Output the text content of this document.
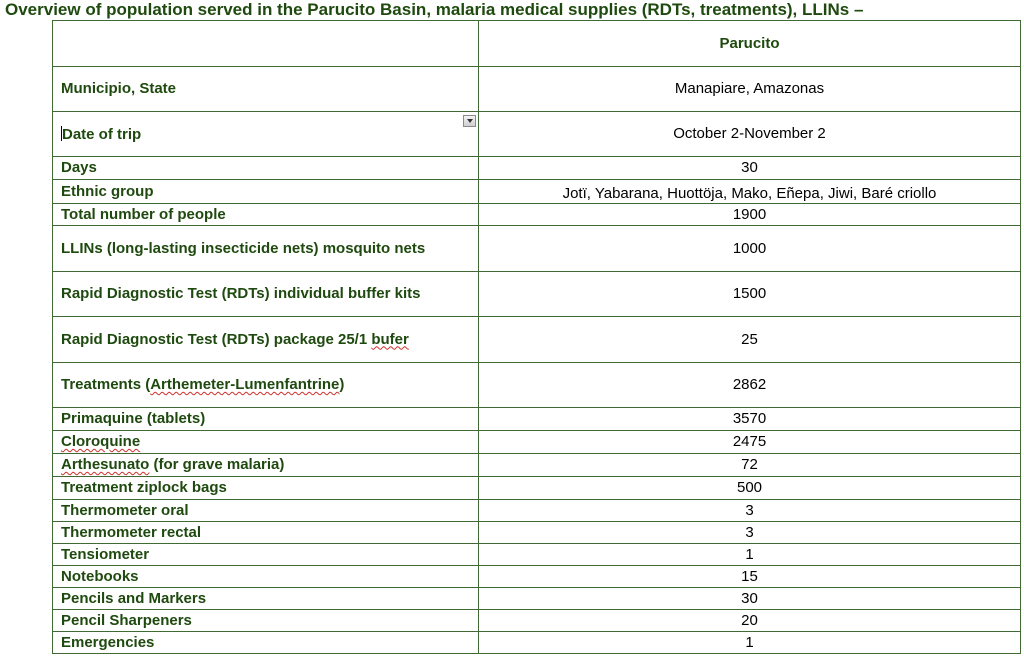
Overview of population served in the Parucito Basin, malaria medical supplies (RDTs, treatments), LLINs –
	Parucito
Municipio, State	Manapiare, Amazonas
Date of trip	October 2-November 2
Days	30
Ethnic group	Jotï, Yabarana, Huottöja, Mako, Eñepa, Jiwi, Baré criollo
Total number of people	1900
LLINs (long-lasting insecticide nets) mosquito nets	1000
Rapid Diagnostic Test (RDTs) individual buffer kits	1500
Rapid Diagnostic Test (RDTs) package 25/1 bufer	25
Treatments (Arthemeter-Lumenfantrine)	2862
Primaquine (tablets)	3570
Cloroquine	2475
Arthesunato (for grave malaria)	72
Treatment ziplock bags	500
Thermometer oral	3
Thermometer rectal	3
Tensiometer	1
Notebooks	15
Pencils and Markers	30
Pencil Sharpeners	20
Emergencies	1
